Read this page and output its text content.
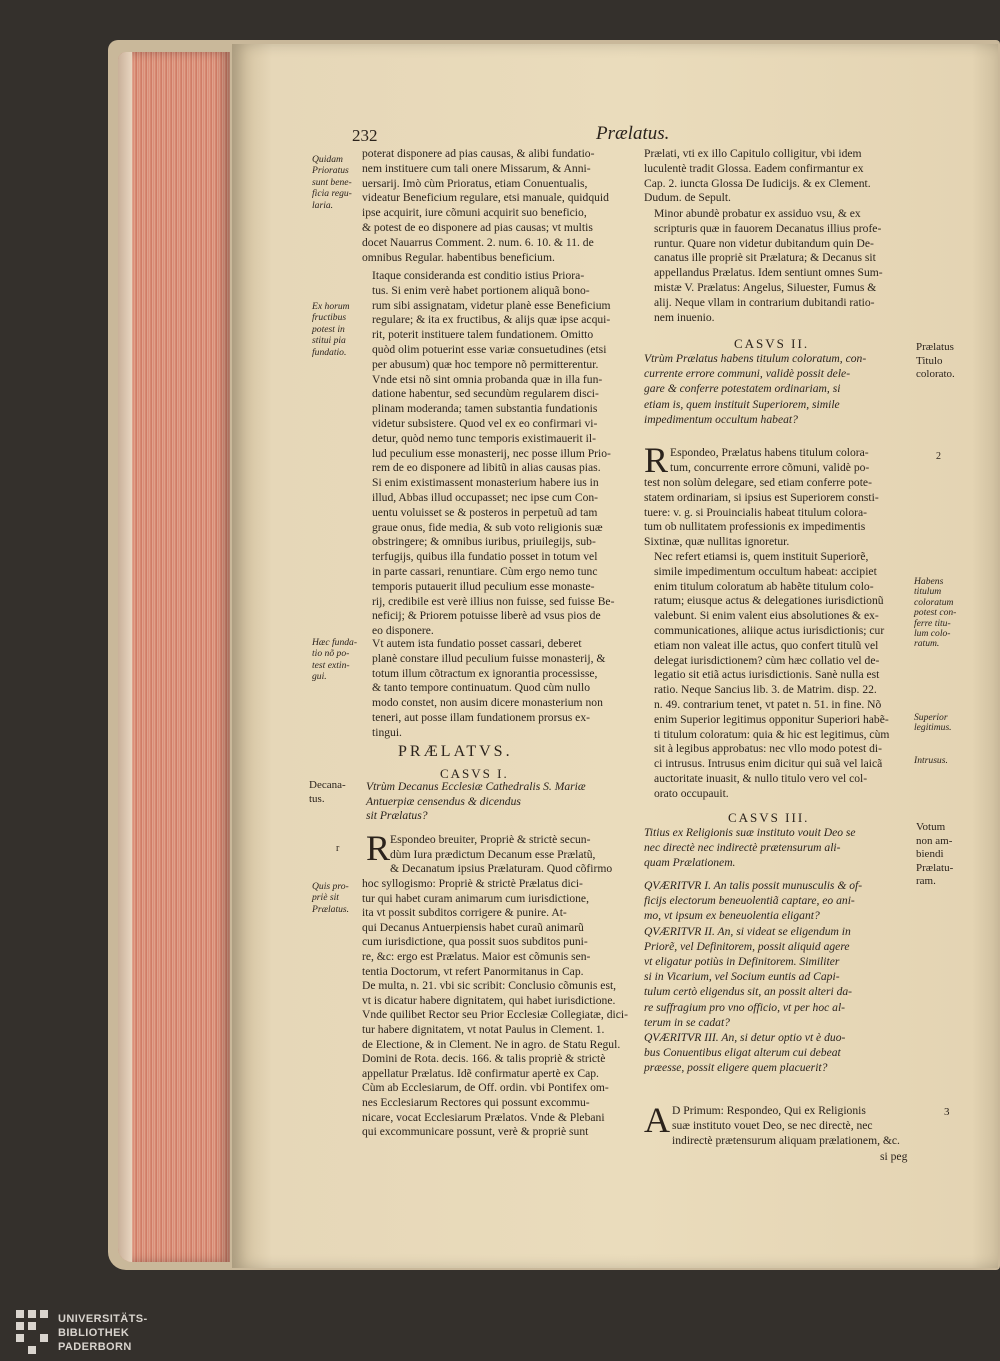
UNIVERSITÄTS-
BIBLIOTHEK
PADERBORN
232	Prælatus.
poterat disponere ad pias causas, & alibi fundatio-
nem instituere cum tali onere Missarum, & Anni-
uersarij. Imò cùm Prioratus, etiam Conuentualis,
videatur Beneficium regulare, etsi manuale, quidquid
ipse acquirit, iure cõmuni acquirit suo beneficio,
& potest de eo disponere ad pias causas; vt multis
docet Nauarrus Comment. 2. num. 6. 10. & 11. de
omnibus Regular. habentibus beneficium.
Itaque consideranda est conditio istius Priora-
tus. Si enim verè habet portionem aliquã bono-
rum sibi assignatam, videtur planè esse Beneficium
regulare; & ita ex fructibus, & alijs quæ ipse acqui-
rit, poterit instituere talem fundationem. Omitto
quòd olim potuerint esse variæ consuetudines (etsi
per abusum) quæ hoc tempore nõ permitterentur.
Vnde etsi nõ sint omnia probanda quæ in illa fun-
datione habentur, sed secundùm regularem disci-
plinam moderanda; tamen substantia fundationis
videtur subsistere. Quod vel ex eo confirmari vi-
detur, quòd nemo tunc temporis existimauerit il-
lud peculium esse monasterij, nec posse illum Prio-
rem de eo disponere ad libitũ in alias causas pias.
Si enim existimassent monasterium habere ius in
illud, Abbas illud occupasset; nec ipse cum Con-
uentu voluisset se & posteros in perpetuũ ad tam
graue onus, fide media, & sub voto religionis suæ
obstringere; & omnibus iuribus, priuilegijs, sub-
terfugijs, quibus illa fundatio posset in totum vel
in parte cassari, renuntiare. Cùm ergo nemo tunc
temporis putauerit illud peculium esse monaste-
rij, credibile est verè illius non fuisse, sed fuisse Be-
neficij; & Priorem potuisse liberè ad vsus pios de
eo disponere.
Vt autem ista fundatio posset cassari, deberet
planè constare illud peculium fuisse monasterij, &
totum illum cõtractum ex ignorantia processisse,
& tanto tempore continuatum. Quod cùm nullo
modo constet, non ausim dicere monasterium non
teneri, aut posse illam fundationem prorsus ex-
tingui.
PRÆLATVS.
CASVS I.
Vtrùm Decanus Ecclesiæ Cathedralis S. Mariæ
Antuerpiæ censendus & dicendus
sit Prælatus?
R Espondeo breuiter, Propriè & strictè secun-
dùm Iura prædictum Decanum esse Prælatũ,
& Decanatum ipsius Prælaturam. Quod cõfirmo
hoc syllogismo: Propriè & strictè Prælatus dici-
tur qui habet curam animarum cum iurisdictione,
ita vt possit subditos corrigere & punire. At-
qui Decanus Antuerpiensis habet curaũ animarũ
cum iurisdictione, qua possit suos subditos puni-
re, &c: ergo est Prælatus. Maior est cõmunis sen-
tentia Doctorum, vt refert Panormitanus in Cap.
De multa, n. 21. vbi sic scribit: Conclusio cõmunis est,
vt is dicatur habere dignitatem, qui habet iurisdictione.
Vnde quilibet Rector seu Prior Ecclesiæ Collegiatæ, dici-
tur habere dignitatem, vt notat Paulus in Clement. 1.
de Electione, & in Clement. Ne in agro. de Statu Regul.
Domini de Rota. decis. 166. & talis propriè & strictè
appellatur Prælatus. Idẽ confirmatur apertè ex Cap.
Cùm ab Ecclesiarum, de Off. ordin. vbi Pontifex om-
nes Ecclesiarum Rectores qui possunt excommu-
nicare, vocat Ecclesiarum Prælatos. Vnde & Plebani
qui excommunicare possunt, verè & propriè sunt
Prælati, vti ex illo Capitulo colligitur, vbi idem
luculentè tradit Glossa. Eadem confirmantur ex
Cap. 2. iuncta Glossa De Iudicijs. & ex Clement.
Dudum. de Sepult.
Minor abundè probatur ex assiduo vsu, & ex
scripturis quæ in fauorem Decanatus illius profe-
runtur. Quare non videtur dubitandum quin De-
canatus ille propriè sit Prælatura; & Decanus sit
appellandus Prælatus. Idem sentiunt omnes Sum-
mistæ V. Prælatus: Angelus, Siluester, Fumus &
alij. Neque vllam in contrarium dubitandi ratio-
nem inuenio.
CASVS II.
Vtrùm Prælatus habens titulum coloratum, con-
currente errore communi, validè possit dele-
gare & conferre potestatem ordinariam, si
etiam is, quem instituit Superiorem, simile
impedimentum occultum habeat?
R Espondeo, Prælatus habens titulum colora-
tum, concurrente errore cõmuni, validè po-
test non solùm delegare, sed etiam conferre pote-
statem ordinariam, si ipsius est Superiorem consti-
tuere: v. g. si Prouincialis habeat titulum colora-
tum ob nullitatem professionis ex impedimentis
Sixtinæ, quæ nullitas ignoretur.
Nec refert etiamsi is, quem instituit Superiorẽ,
simile impedimentum occultum habeat: accipiet
enim titulum coloratum ab habẽte titulum colo-
ratum; eiusque actus & delegationes iurisdictionũ
valebunt. Si enim valent eius absolutiones & ex-
communicationes, aliique actus iurisdictionis; cur
etiam non valeat ille actus, quo confert titulũ vel
delegat iurisdictionem? cùm hæc collatio vel de-
legatio sit etiã actus iurisdictionis. Sanè nulla est
ratio. Neque Sancius lib. 3. de Matrim. disp. 22.
n. 49. contrarium tenet, vt patet n. 51. in fine. Nõ
enim Superior legitimus opponitur Superiori habẽ-
ti titulum coloratum: quia & hic est legitimus, cùm
sit à legibus approbatus: nec vllo modo potest di-
ci intrusus. Intrusus enim dicitur qui suã vel laicã
auctoritate inuasit, & nullo titulo vero vel col-
orato occupauit.
CASVS III.
Titius ex Religionis suæ instituto vouit Deo se
nec directè nec indirectè prætensurum ali-
quam Prælationem.
QVÆRITVR I. An talis possit munusculis & of-
ficijs electorum beneuolentiã captare, eo ani-
mo, vt ipsum ex beneuolentia eligant?
QVÆRITVR II. An, si videat se eligendum in
Priorẽ, vel Definitorem, possit aliquid agere
vt eligatur potiùs in Definitorem. Similiter
si in Vicarium, vel Socium euntis ad Capi-
tulum certò eligendus sit, an possit alteri da-
re suffragium pro vno officio, vt per hoc al-
terum in se cadat?
QVÆRITVR III. An, si detur optio vt è duo-
bus Conuentibus eligat alterum cui debeat
præesse, possit eligere quem placuerit?
A D Primum: Respondeo, Qui ex Religionis
suæ instituto vouet Deo, se nec directè, nec
indirectè prætensurum aliquam prælationem, &c.
si peg
Quidam
Prioratus
sunt bene-
ficia regu-
laria.
Ex horum
fructibus
potest in
stitui pia
fundatio.
Hæc funda-
tio nõ po-
test extin-
gui.
Decana-
tus.
Quis pro-
priè sit
Prælatus.
Prælatus
Titulo
colorato.
Habens
titulum
coloratum
potest con-
ferre titu-
lum colo-
ratum.
Superior
legitimus.
Intrusus.
Votum
non am-
biendi
Prælatu-
ram.
r
2
3
